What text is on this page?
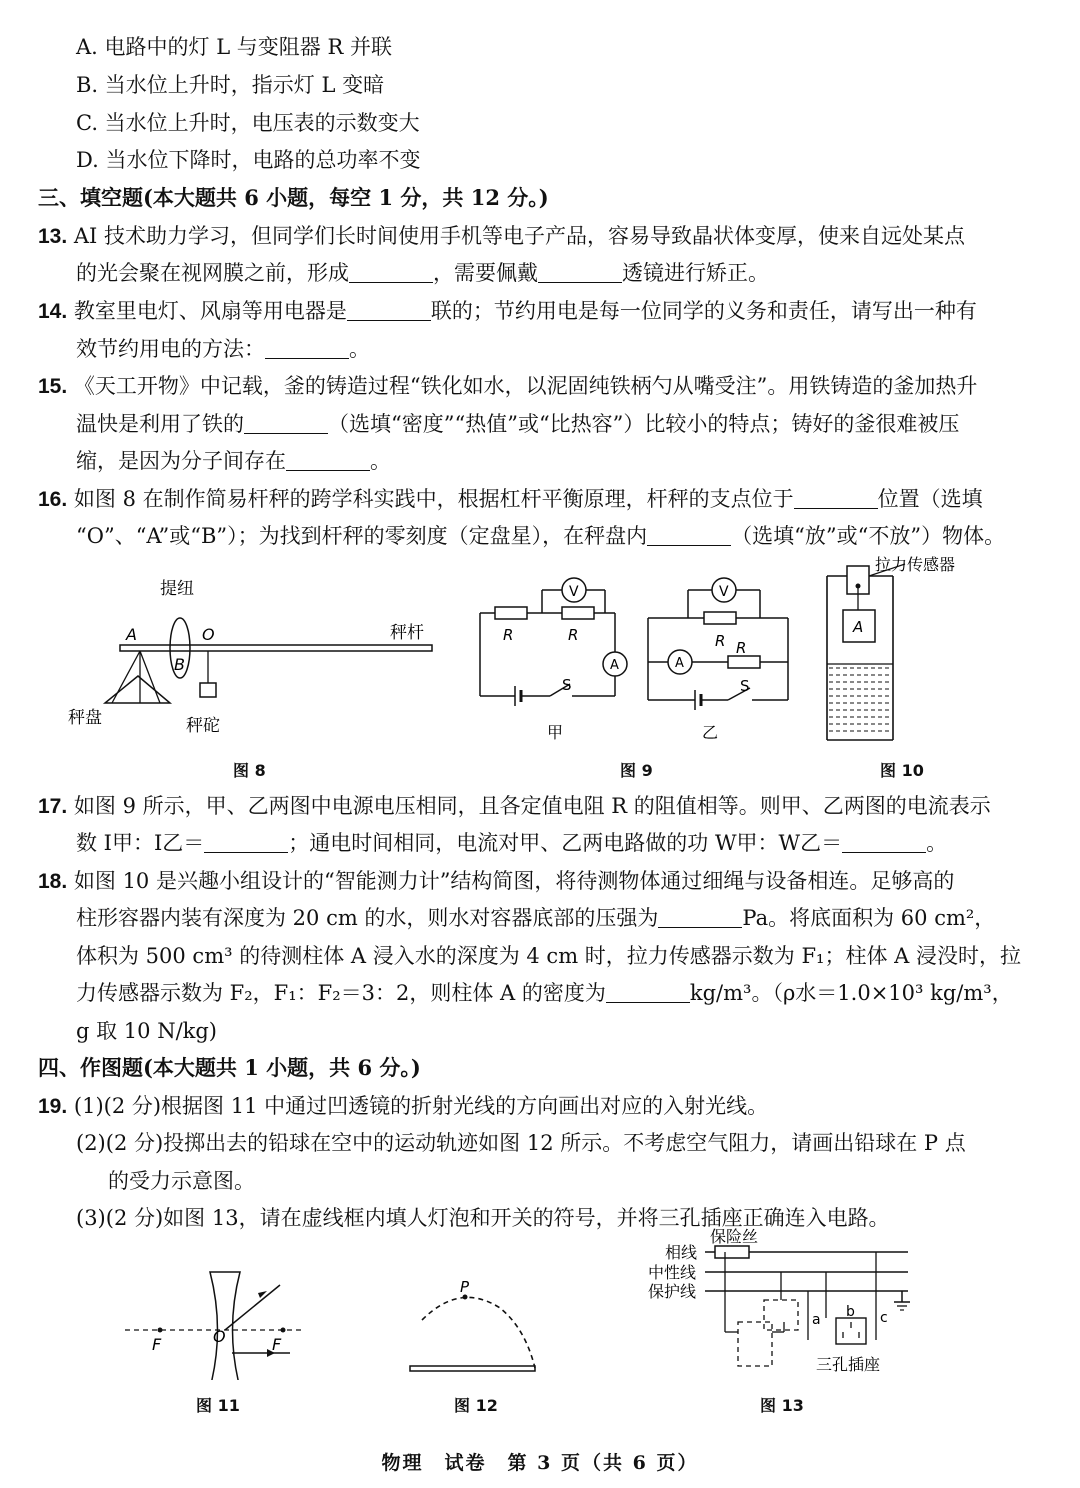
A. 电路中的灯 L 与变阻器 R 并联
B. 当水位上升时，指示灯 L 变暗
C. 当水位上升时，电压表的示数变大
D. 当水位下降时，电路的总功率不变
三、填空题(本大题共 6 小题，每空 1 分，共 12 分。)
13. AI 技术助力学习，但同学们长时间使用手机等电子产品，容易导致晶状体变厚，使来自远处某点
的光会聚在视网膜之前，形成	，需要佩戴	透镜进行矫正。
14. 教室里电灯、风扇等用电器是	联的；节约用电是每一位同学的义务和责任，请写出一种有
效节约用电的方法：	。
15. 《天工开物》中记载，釜的铸造过程“铁化如水，以泥固纯铁柄勺从嘴受注”。用铁铸造的釜加热升
温快是利用了铁的	（选填“密度”“热值”或“比热容”）比较小的特点；铸好的釜很难被压
缩，是因为分子间存在	。
16. 如图 8 在制作简易杆秤的跨学科实践中，根据杠杆平衡原理，杆秤的支点位于	位置（选填
“O”、“A”或“B”）；为找到杆秤的零刻度（定盘星），在秤盘内	（选填“放”或“不放”）物体。
提纽
秤杆
秤盘	秤砣
A
B
O
图 8
R	R
V
A
S
甲
V
R R
A
S
乙
图 9
拉力传感器
A
图 10
17. 如图 9 所示，甲、乙两图中电源电压相同，且各定值电阻 R 的阻值相等。则甲、乙两图的电流表示
数 I甲：I乙＝	；通电时间相同，电流对甲、乙两电路做的功 W甲：W乙＝	。
18. 如图 10 是兴趣小组设计的“智能测力计”结构简图，将待测物体通过细绳与设备相连。足够高的
柱形容器内装有深度为 20 cm 的水，则水对容器底部的压强为	Pa。将底面积为 60 cm²，
体积为 500 cm³ 的待测柱体 A 浸入水的深度为 4 cm 时，拉力传感器示数为 F₁；柱体 A 浸没时，拉
力传感器示数为 F₂，F₁：F₂＝3：2，则柱体 A 的密度为	kg/m³。（ρ水＝1.0×10³ kg/m³，
g 取 10 N/kg)
四、作图题(本大题共 1 小题，共 6 分。)
19. (1)(2 分)根据图 11 中通过凹透镜的折射光线的方向画出对应的入射光线。
(2)(2 分)投掷出去的铅球在空中的运动轨迹如图 12 所示。不考虑空气阻力，请画出铅球在 P 点
的受力示意图。
(3)(2 分)如图 13，请在虚线框内填人灯泡和开关的符号，并将三孔插座正确连入电路。
F	F
O
图 11
P
图 12
保险丝
相线
中性线
保护线
a b c
三孔插座
图 13
物理　试卷　第 3 页（共 6 页）
